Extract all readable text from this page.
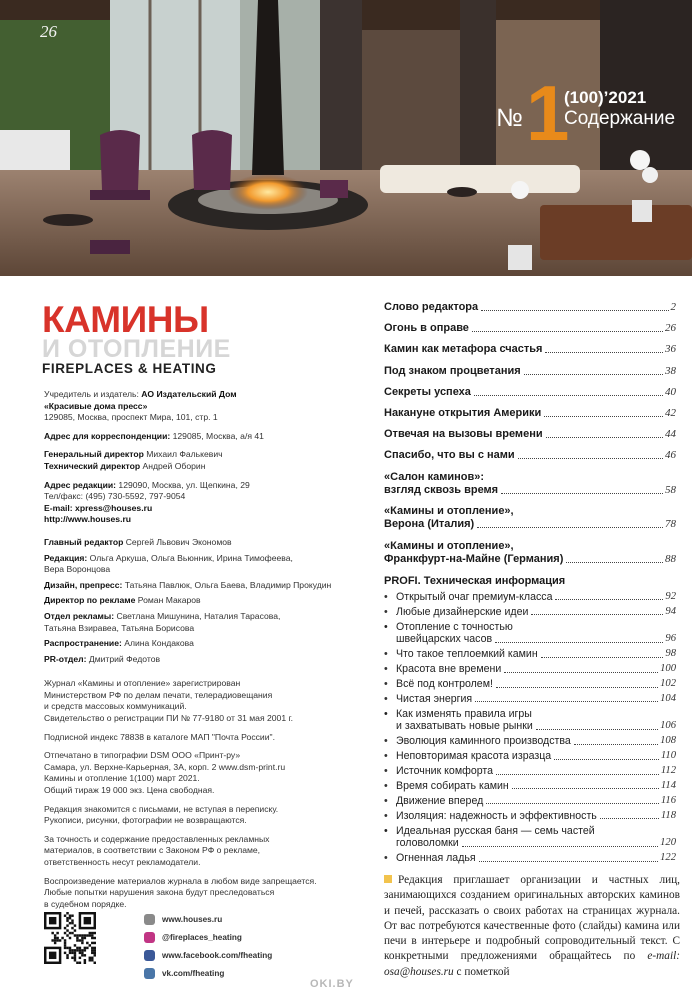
26
№ 1
(100)’2021
Содержание
КАМИНЫ
И ОТОПЛЕНИЕ
FIREPLACES & HEATING
Учредитель и издатель: АО Издательский Дом
«Красивые дома пресс»
129085, Москва, проспект Мира, 101, стр. 1
Адрес для корреспонденции: 129085, Москва, а/я 41
Генеральный директор Михаил Фалькевич
Технический директор Андрей Оборин
Адрес редакции: 129090, Москва, ул. Щепкина, 29
Тел/факс: (495) 730-5592, 797-9054
E-mail: xpress@houses.ru
http://www.houses.ru
Главный редактор Сергей Львович Экономов
Редакция: Ольга Аркуша, Ольга Вьюнник, Ирина Тимофеева,
Вера Воронцова
Дизайн, препресс: Татьяна Павлюк, Ольга Баева, Владимир Прокудин
Директор по рекламе Роман Макаров
Отдел рекламы: Светлана Мишунина, Наталия Тарасова,
Татьяна Взиравеа, Татьяна Борисова
Распространение: Алина Кондакова
PR-отдел: Дмитрий Федотов
Журнал «Камины и отопление» зарегистрирован
Министерством РФ по делам печати, телерадиовещания
и средств массовых коммуникаций.
Свидетельство о регистрации ПИ № 77-9180 от 31 мая 2001 г.
Подписной индекс 78838 в каталоге МАП "Почта России".
Отпечатано в типографии DSM ООО «Принт-ру»
Самара, ул. Верхне-Карьерная, 3А, корп. 2 www.dsm-print.ru
Камины и отопление 1(100) март 2021.
Общий тираж 19 000 экз. Цена свободная.
Редакция знакомится с письмами, не вступая в переписку.
Рукописи, рисунки, фотографии не возвращаются.
За точность и содержание предоставленных рекламных
материалов, в соответствии с Законом РФ о рекламе,
ответственность несут рекламодатели.
Воспроизведение материалов журнала в любом виде запрещается.
Любые попытки нарушения закона будут преследоваться
в судебном порядке.
www.houses.ru
@fireplaces_heating
www.facebook.com/fheating
vk.com/fheating
Слово редактора	2
Огонь в оправе	26
Камин как метафора счастья	36
Под знаком процветания	38
Секреты успеха	40
Накануне открытия Америки	42
Отвечая на вызовы времени	44
Спасибо, что вы с нами	46
«Салон каминов»:
взгляд сквозь время	58
«Камины и отопление»,
Верона (Италия)	78
«Камины и отопление»,
Франкфурт-на-Майне (Германия)	88
PROFI. Техническая информация
• Открытый очаг премиум-класса	92
• Любые дизайнерские идеи	94
• Отопление с точностью
швейцарских часов	96
• Что такое теплоемкий камин	98
• Красота вне времени	100
• Всё под контролем!	102
• Чистая энергия	104
• Как изменять правила игры
и захватывать новые рынки	106
• Эволюция каминного производства	108
• Неповторимая красота изразца	110
• Источник комфорта	112
• Время собирать камин	114
• Движение вперед	116
• Изоляция: надежность и эффективность	118
• Идеальная русская баня — семь частей
головоломки	120
• Огненная ладья	122
Редакция приглашает организации и частных лиц, занимающихся созданием оригинальных авторских каминов и печей, рассказать о своих работах на страницах журнала. От вас потребуются качественные фото (слайды) камина или печи в интерьере и подробный сопроводительный текст. С конкретными предложениями обращайтесь по e-mail: osa@houses.ru с пометкой
OKI.BY
